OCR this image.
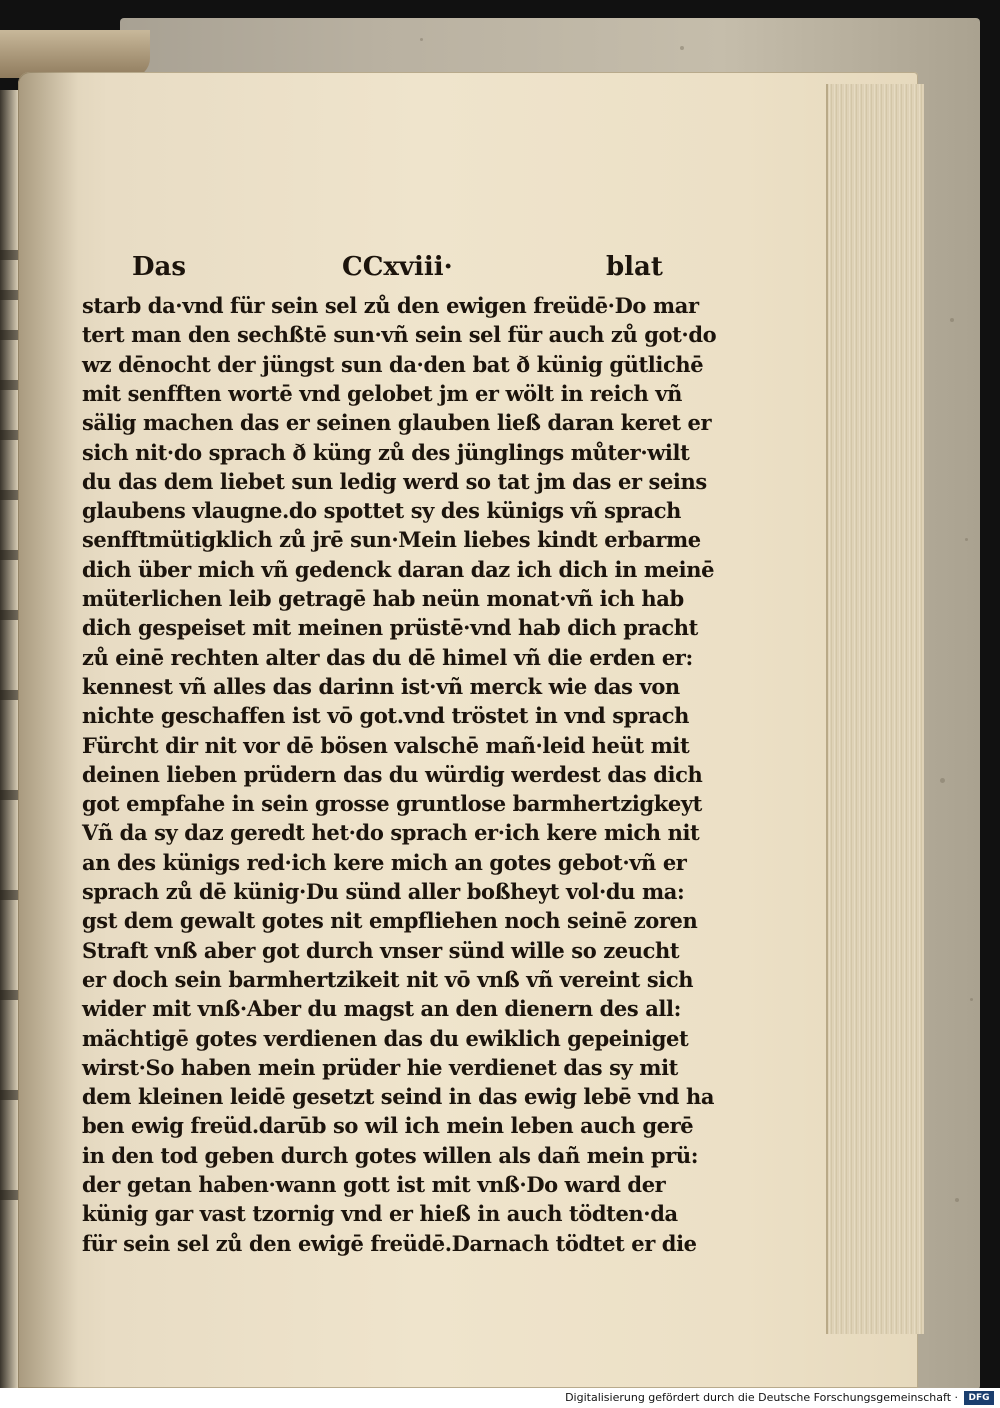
Das	CCxviii·	blat
starb da·vnd für sein sel zů den ewigen freüdē·Do mar
tert man den sechßtē sun·vñ sein sel für auch zů got·do
wz dēnocht der jüngst sun da·den bat ð künig gütlichē
mit senfften wortē vnd gelobet jm er wölt in reich vñ
sälig machen das er seinen glauben ließ daran keret er
sich nit·do sprach ð küng zů des jünglings můter·wilt
du das dem liebet sun ledig werd so tat jm das er seins
glaubens vlaugne.do spottet sy des künigs vñ sprach
senfftmütigklich zů jrē sun·Mein liebes kindt erbarme
dich über mich vñ gedenck daran daz ich dich in meinē
müterlichen leib getragē hab neün monat·vñ ich hab
dich gespeiset mit meinen prüstē·vnd hab dich pracht
zů einē rechten alter das du dē himel vñ die erden er:
kennest vñ alles das darinn ist·vñ merck wie das von
nichte geschaffen ist vō got.vnd tröstet in vnd sprach
Fürcht dir nit vor dē bösen valschē mañ·leid heüt mit
deinen lieben prüdern das du würdig werdest das dich
got empfahe in sein grosse gruntlose barmhertzigkeyt
Vñ da sy daz geredt het·do sprach er·ich kere mich nit
an des künigs red·ich kere mich an gotes gebot·vñ er
sprach zů dē künig·Du sünd aller boßheyt vol·du ma:
gst dem gewalt gotes nit empfliehen noch seinē zoren
Straft vnß aber got durch vnser sünd wille so zeucht
er doch sein barmhertzikeit nit vō vnß vñ vereint sich
wider mit vnß·Aber du magst an den dienern des all:
mächtigē gotes verdienen das du ewiklich gepeiniget
wirst·So haben mein prüder hie verdienet das sy mit
dem kleinen leidē gesetzt seind in das ewig lebē vnd ha
ben ewig freüd.darūb so wil ich mein leben auch gerē
in den tod geben durch gotes willen als dañ mein prü:
der getan haben·wann gott ist mit vnß·Do ward der
künig gar vast tzornig vnd er hieß in auch tödten·da
für sein sel zů den ewigē freüdē.Darnach tödtet er die
Digitalisierung gefördert durch die Deutsche Forschungsgemeinschaft ·	DFG
